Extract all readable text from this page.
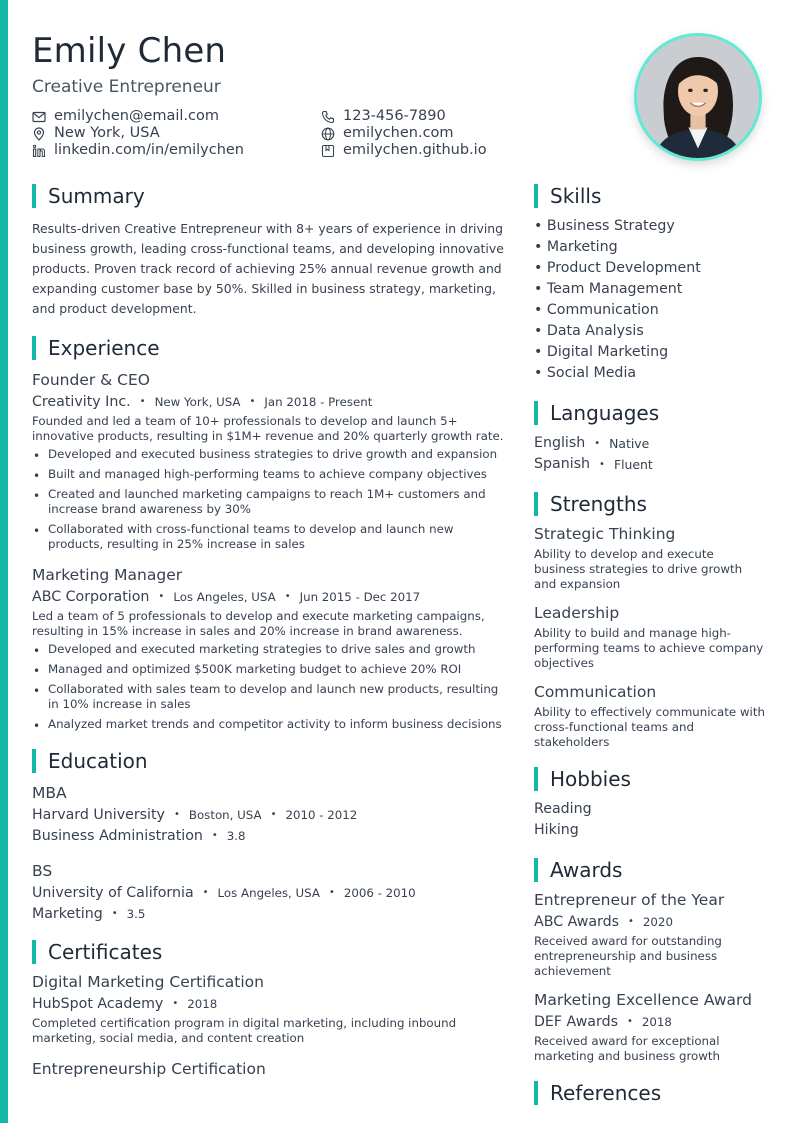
Emily Chen
Creative Entrepreneur
emilychen@email.com	123-456-7890
New York, USA	emilychen.com
linkedin.com/in/emilychen	emilychen.github.io
Summary

Results-driven Creative Entrepreneur with 8+ years of experience in driving business growth, leading cross-functional teams, and developing innovative products. Proven track record of achieving 25% annual revenue growth and expanding customer base by 50%. Skilled in business strategy, marketing, and product development.

Experience
Founder & CEO
Creativity Inc. • New York, USA • Jan 2018 - Present
Founded and led a team of 10+ professionals to develop and launch 5+ innovative products, resulting in $1M+ revenue and 20% quarterly growth rate.
• Developed and executed business strategies to drive growth and expansion
• Built and managed high-performing teams to achieve company objectives
• Created and launched marketing campaigns to reach 1M+ customers and increase brand awareness by 30%
• Collaborated with cross-functional teams to develop and launch new products, resulting in 25% increase in sales
Marketing Manager
ABC Corporation • Los Angeles, USA • Jun 2015 - Dec 2017
Led a team of 5 professionals to develop and execute marketing campaigns, resulting in 15% increase in sales and 20% increase in brand awareness.
• Developed and executed marketing strategies to drive sales and growth
• Managed and optimized $500K marketing budget to achieve 20% ROI
• Collaborated with sales team to develop and launch new products, resulting in 10% increase in sales
• Analyzed market trends and competitor activity to inform business decisions
Education
MBA
Harvard University • Boston, USA • 2010 - 2012
Business Administration • 3.8
BS
University of California • Los Angeles, USA • 2006 - 2010
Marketing • 3.5
Certificates
Digital Marketing Certification
HubSpot Academy • 2018
Completed certification program in digital marketing, including inbound marketing, social media, and content creation
Entrepreneurship Certification
Skills
• Business Strategy
• Marketing
• Product Development
• Team Management
• Communication
• Data Analysis
• Digital Marketing
• Social Media
Languages
English • Native
Spanish • Fluent
Strengths
Strategic Thinking
Ability to develop and execute business strategies to drive growth and expansion
Leadership
Ability to build and manage high-performing teams to achieve company objectives
Communication
Ability to effectively communicate with cross-functional teams and stakeholders
Hobbies
Reading
Hiking
Awards
Entrepreneur of the Year
ABC Awards • 2020
Received award for outstanding entrepreneurship and business achievement
Marketing Excellence Award
DEF Awards • 2018
Received award for exceptional marketing and business growth
References
